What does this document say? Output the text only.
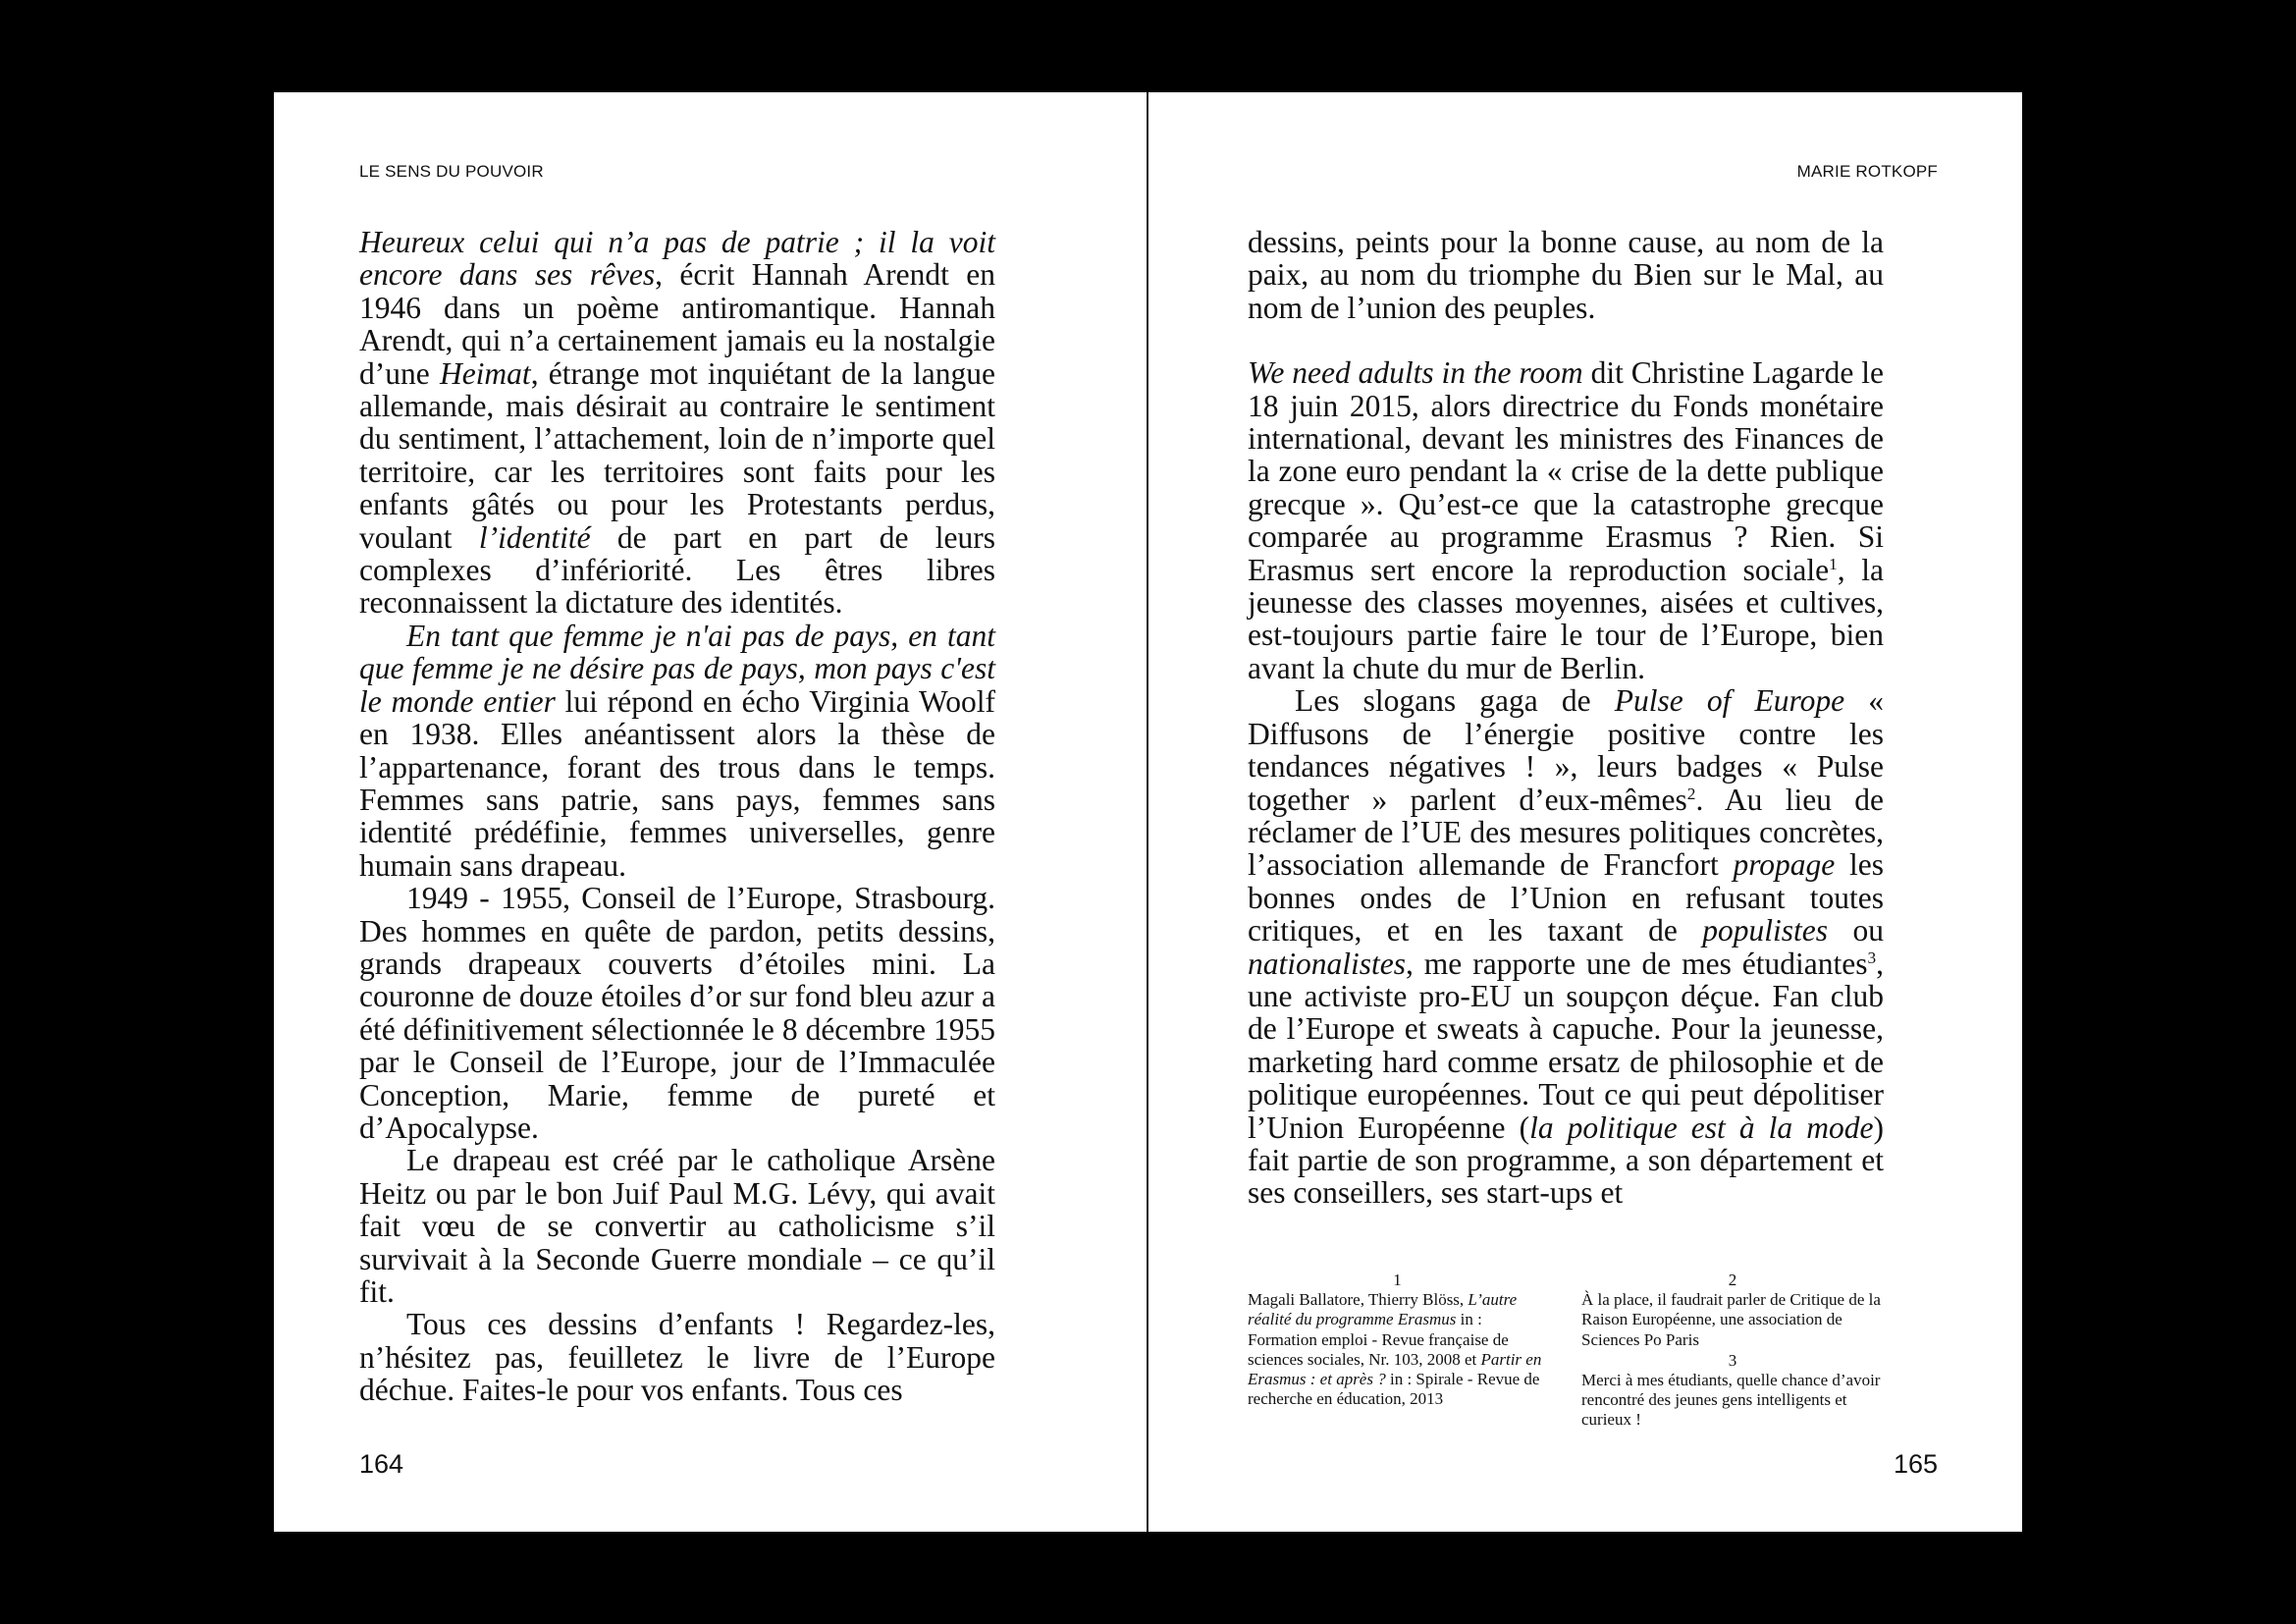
LE SENS DU POUVOIR

Heureux celui qui n’a pas de patrie ; il la voit encore dans ses rêves, écrit Hannah Arendt en 1946 dans un poème antiromantique. Hannah Arendt, qui n’a certainement jamais eu la nostalgie d’une Heimat, étrange mot inquiétant de la langue allemande, mais désirait au contraire le sentiment du sentiment, l’attachement, loin de n’importe quel territoire, car les territoires sont faits pour les enfants gâtés ou pour les Protestants perdus, voulant l’identité de part en part de leurs complexes d’infériorité. Les êtres libres reconnaissent la dictature des identités.

En tant que femme je n'ai pas de pays, en tant que femme je ne désire pas de pays, mon pays c'est le monde entier lui répond en écho Virginia Woolf en 1938. Elles anéantissent alors la thèse de l’appartenance, forant des trous dans le temps. Femmes sans patrie, sans pays, femmes sans identité prédéfinie, femmes universelles, genre humain sans drapeau.

1949 - 1955, Conseil de l’Europe, Strasbourg. Des hommes en quête de pardon, petits dessins, grands drapeaux couverts d’étoiles mini. La couronne de douze étoiles d’or sur fond bleu azur a été définitivement sélectionnée le 8 décembre 1955 par le Conseil de l’Europe, jour de l’Immaculée Conception, Marie, femme de pureté et d’Apocalypse.

Le drapeau est créé par le catholique Arsène Heitz ou par le bon Juif Paul M.G. Lévy, qui avait fait vœu de se convertir au catholicisme s’il survivait à la Seconde Guerre mondiale – ce qu’il fit.

Tous ces dessins d’enfants ! Regardez-les, n’hésitez pas, feuilletez le livre de l’Europe déchue. Faites-le pour vos enfants. Tous ces

164
MARIE ROTKOPF

dessins, peints pour la bonne cause, au nom de la paix, au nom du triomphe du Bien sur le Mal, au nom de l’union des peuples.

We need adults in the room dit Christine Lagarde le 18 juin 2015, alors directrice du Fonds monétaire international, devant les ministres des Finances de la zone euro pendant la « crise de la dette publique grecque ». Qu’est-ce que la catastrophe grecque comparée au programme Erasmus ? Rien. Si Erasmus sert encore la reproduction sociale$^1$, la jeunesse des classes moyennes, aisées et cultives, est-toujours partie faire le tour de l’Europe, bien avant la chute du mur de Berlin.

Les slogans gaga de Pulse of Europe « Diffusons de l’énergie positive contre les tendances négatives ! », leurs badges « Pulse together » parlent d’eux-mêmes$^2$. Au lieu de réclamer de l’UE des mesures politiques concrètes, l’association allemande de Francfort propage les bonnes ondes de l’Union en refusant toutes critiques, et en les taxant de populistes ou nationalistes, me rapporte une de mes étudiantes$^3$, une activiste pro-EU un soupçon déçue. Fan club de l’Europe et sweats à capuche. Pour la jeunesse, marketing hard comme ersatz de philosophie et de politique européennes. Tout ce qui peut dépolitiser l’Union Européenne (la politique est à la mode) fait partie de son programme, a son département et ses conseillers, ses start-ups et

1
Magali Ballatore, Thierry Blöss, L’autre réalité du programme Erasmus in : Formation emploi - Revue française de sciences sociales, Nr. 103, 2008 et Partir en Erasmus : et après ? in : Spirale - Revue de recherche en éducation, 2013
2
À la place, il faudrait parler de Critique de la Raison Européenne, une association de Sciences Po Paris
3
Merci à mes étudiants, quelle chance d’avoir rencontré des jeunes gens intelligents et curieux !
165
